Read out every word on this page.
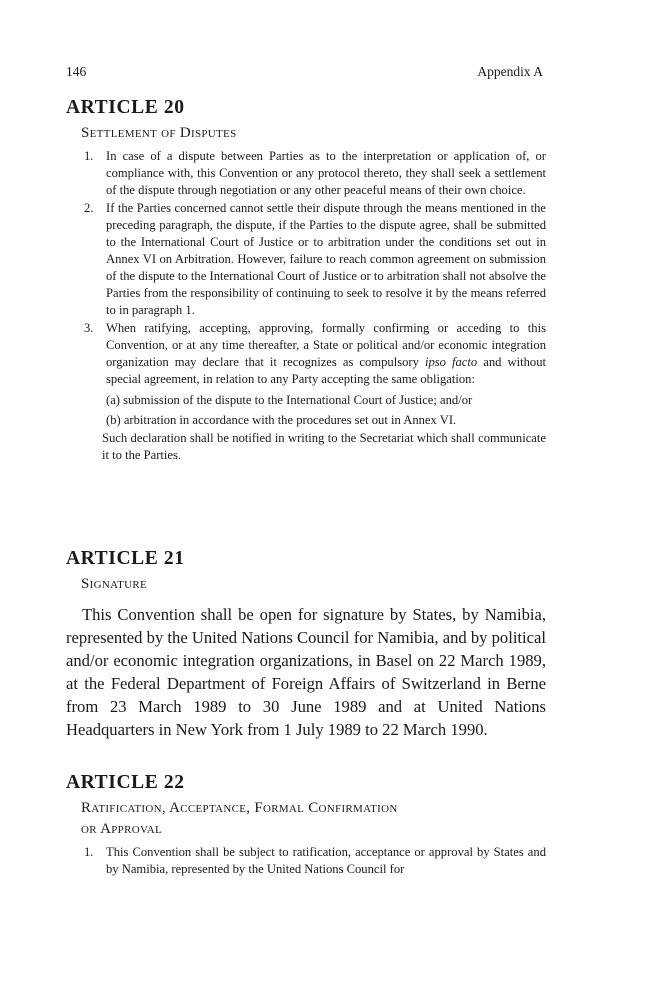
146	Appendix A
ARTICLE 20
Settlement of Disputes
1. In case of a dispute between Parties as to the interpretation or application of, or compliance with, this Convention or any protocol thereto, they shall seek a settlement of the dispute through negotiation or any other peaceful means of their own choice.
2. If the Parties concerned cannot settle their dispute through the means mentioned in the preceding paragraph, the dispute, if the Parties to the dispute agree, shall be submitted to the International Court of Justice or to arbitration under the conditions set out in Annex VI on Arbitration. However, failure to reach common agreement on submission of the dispute to the International Court of Justice or to arbitration shall not absolve the Parties from the responsibility of continuing to seek to resolve it by the means referred to in paragraph 1.
3. When ratifying, accepting, approving, formally confirming or acceding to this Convention, or at any time thereafter, a State or political and/or economic integration organization may declare that it recognizes as compulsory ipso facto and without special agreement, in relation to any Party accepting the same obligation:
(a) submission of the dispute to the International Court of Justice; and/or
(b) arbitration in accordance with the procedures set out in Annex VI.
Such declaration shall be notified in writing to the Secretariat which shall communicate it to the Parties.
ARTICLE 21
Signature

This Convention shall be open for signature by States, by Namibia, represented by the United Nations Council for Namibia, and by political and/or economic integration organizations, in Basel on 22 March 1989, at the Federal Department of Foreign Affairs of Switzerland in Berne from 23 March 1989 to 30 June 1989 and at United Nations Headquarters in New York from 1 July 1989 to 22 March 1990.

ARTICLE 22
Ratification, Acceptance, Formal Confirmation
or Approval
1. This Convention shall be subject to ratification, acceptance or approval by States and by Namibia, represented by the United Nations Council for
